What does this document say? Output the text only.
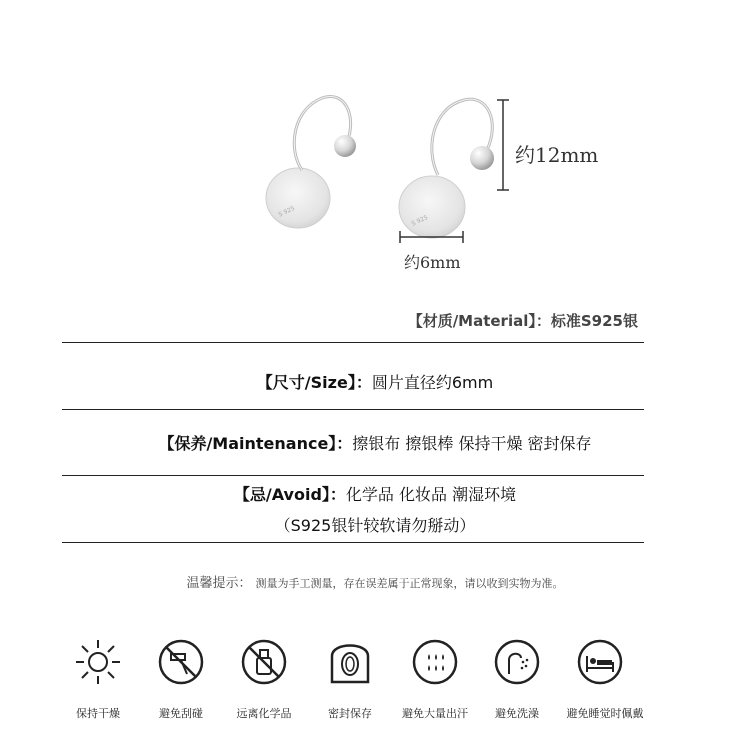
S 925
S 925
约12mm
约6mm
【材质/Material】：标准S925银
【尺寸/Size】：圆片直径约6mm
【保养/Maintenance】：擦银布 擦银棒 保持干燥 密封保存
【忌/Avoid】：化学品 化妆品 潮湿环境
（S925银针较软请勿掰动）
温馨提示： 测量为手工测量，存在误差属于正常现象，请以收到实物为准。
保持干燥	避免刮碰	远离化学品	密封保存	避免大量出汗	避免洗澡	避免睡觉时佩戴
